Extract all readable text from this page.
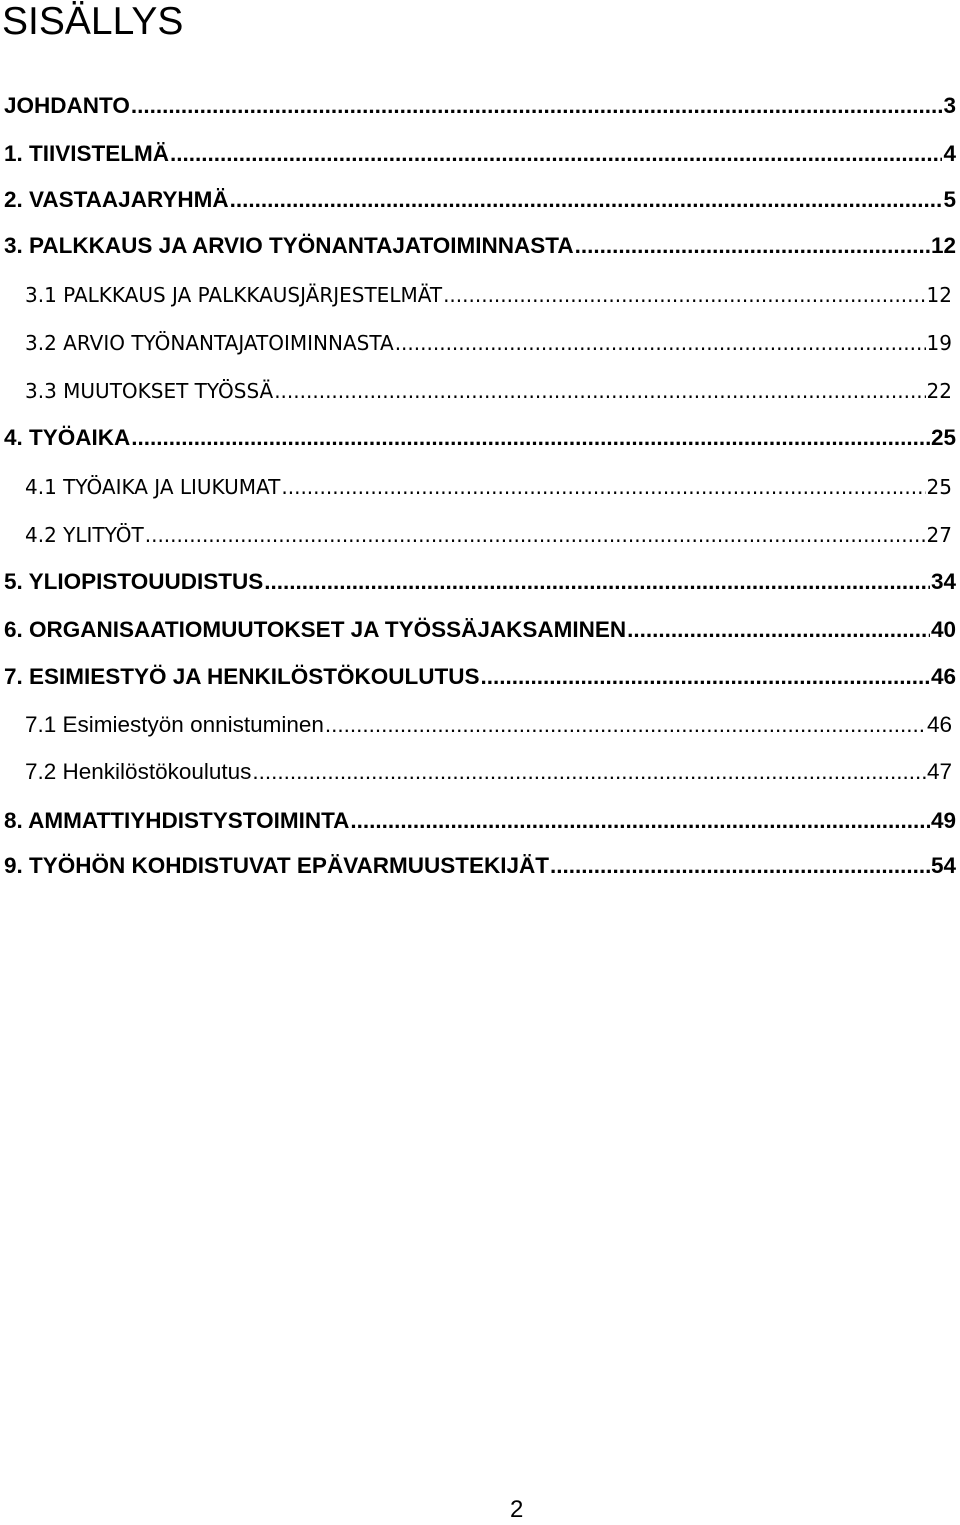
SISÄLLYS
JOHDANTO .....	3
1. TIIVISTELMÄ .....	4
2. VASTAAJARYHMÄ .....	5
3. PALKKAUS JA ARVIO TYÖNANTAJATOIMINNASTA .....	12
3.1 PALKKAUS JA PALKKAUSJÄRJESTELMÄT .....	12
3.2 ARVIO TYÖNANTAJATOIMINNASTA .....	19
3.3 MUUTOKSET TYÖSSÄ .....	22
4. TYÖAIKA .....	25
4.1 TYÖAIKA JA LIUKUMAT .....	25
4.2 YLITYÖT .....	27
5. YLIOPISTOUUDISTUS .....	34
6. ORGANISAATIOMUUTOKSET JA TYÖSSÄJAKSAMINEN .....	40
7. ESIMIESTYÖ JA HENKILÖSTÖKOULUTUS .....	46
7.1 Esimiestyön onnistuminen .....	46
7.2 Henkilöstökoulutus .....	47
8. AMMATTIYHDISTYSTOIMINTA .....	49
9. TYÖHÖN KOHDISTUVAT EPÄVARMUUSTEKIJÄT .....	54
2
